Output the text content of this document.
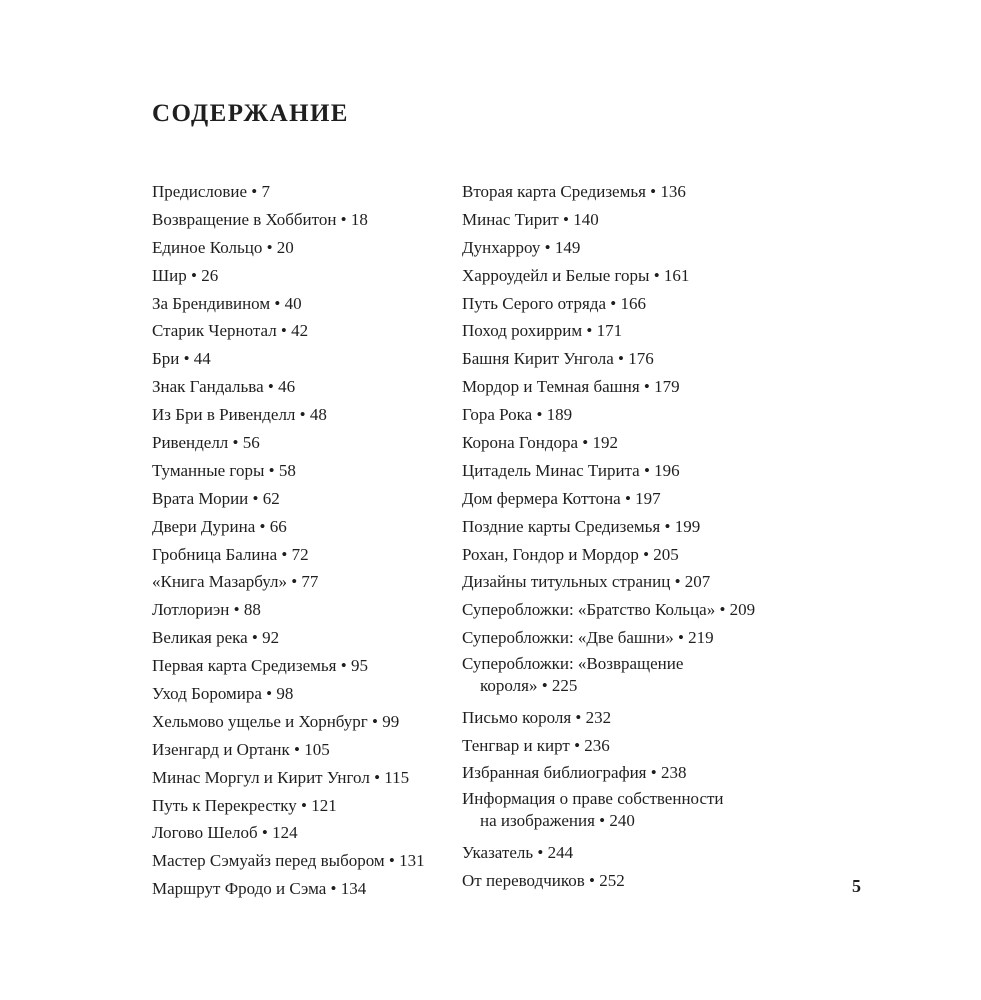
СОДЕРЖАНИЕ
Предисловие • 7
Возвращение в Хоббитон • 18
Единое Кольцо • 20
Шир • 26
За Брендивином • 40
Старик Чернотал • 42
Бри • 44
Знак Гандальва • 46
Из Бри в Ривенделл • 48
Ривенделл • 56
Туманные горы • 58
Врата Мории • 62
Двери Дурина • 66
Гробница Балина • 72
«Книга Мазарбул» • 77
Лотлориэн • 88
Великая река • 92
Первая карта Средиземья • 95
Уход Боромира • 98
Хельмово ущелье и Хорнбург • 99
Изенгард и Ортанк • 105
Минас Моргул и Кирит Унгол • 115
Путь к Перекрестку • 121
Логово Шелоб • 124
Мастер Сэмуайз перед выбором • 131
Маршрут Фродо и Сэма • 134
Вторая карта Средиземья • 136
Минас Тирит • 140
Дунхарроу • 149
Харроудейл и Белые горы • 161
Путь Серого отряда • 166
Поход рохиррим • 171
Башня Кирит Унгола • 176
Мордор и Темная башня • 179
Гора Рока • 189
Корона Гондора • 192
Цитадель Минас Тирита • 196
Дом фермера Коттона • 197
Поздние карты Средиземья • 199
Рохан, Гондор и Мордор • 205
Дизайны титульных страниц • 207
Суперобложки: «Братство Кольца» • 209
Суперобложки: «Две башни» • 219
Суперобложки: «Возвращение
короля» • 225
Письмо короля • 232
Тенгвар и кирт • 236
Избранная библиография • 238
Информация о праве собственности
на изображения • 240
Указатель • 244
От переводчиков • 252	5
